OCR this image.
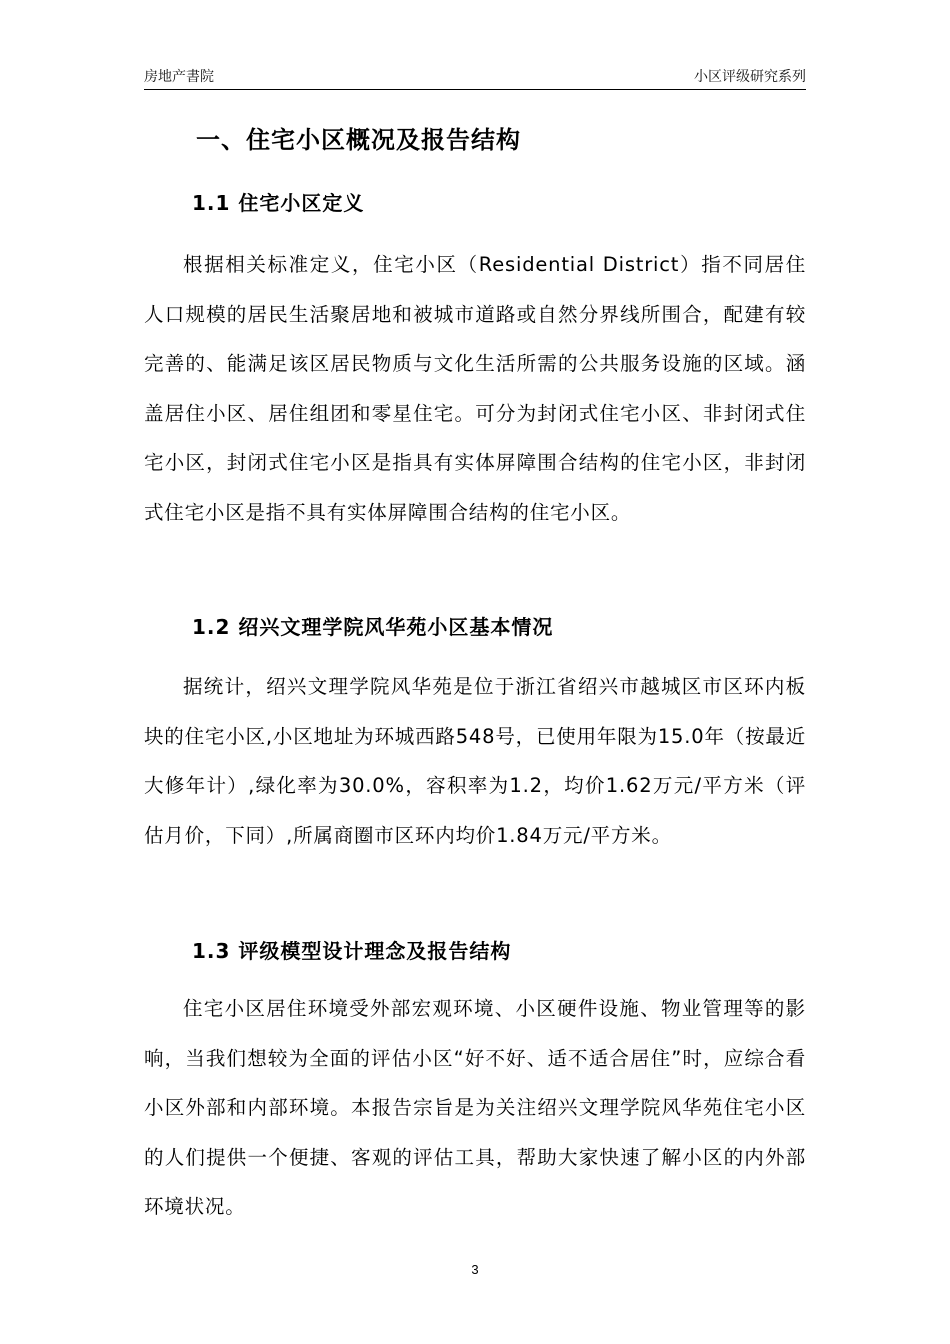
房地产書院	小区评级研究系列
一、住宅小区概况及报告结构
1.1 住宅小区定义
根据相关标准定义，住宅小区（Residential District）指不同居住人口规模的居民生活聚居地和被城市道路或自然分界线所围合，配建有较完善的、能满足该区居民物质与文化生活所需的公共服务设施的区域。涵盖居住小区、居住组团和零星住宅。可分为封闭式住宅小区、非封闭式住宅小区，封闭式住宅小区是指具有实体屏障围合结构的住宅小区，非封闭式住宅小区是指不具有实体屏障围合结构的住宅小区。
1.2 绍兴文理学院风华苑小区基本情况
据统计，绍兴文理学院风华苑是位于浙江省绍兴市越城区市区环内板块的住宅小区,小区地址为环城西路548号，已使用年限为15.0年（按最近大修年计）,绿化率为30.0%，容积率为1.2，均价1.62万元/平方米（评估月价，下同）,所属商圈市区环内均价1.84万元/平方米。
1.3 评级模型设计理念及报告结构
住宅小区居住环境受外部宏观环境、小区硬件设施、物业管理等的影响，当我们想较为全面的评估小区“好不好、适不适合居住”时，应综合看小区外部和内部环境。本报告宗旨是为关注绍兴文理学院风华苑住宅小区的人们提供一个便捷、客观的评估工具，帮助大家快速了解小区的内外部环境状况。
3
